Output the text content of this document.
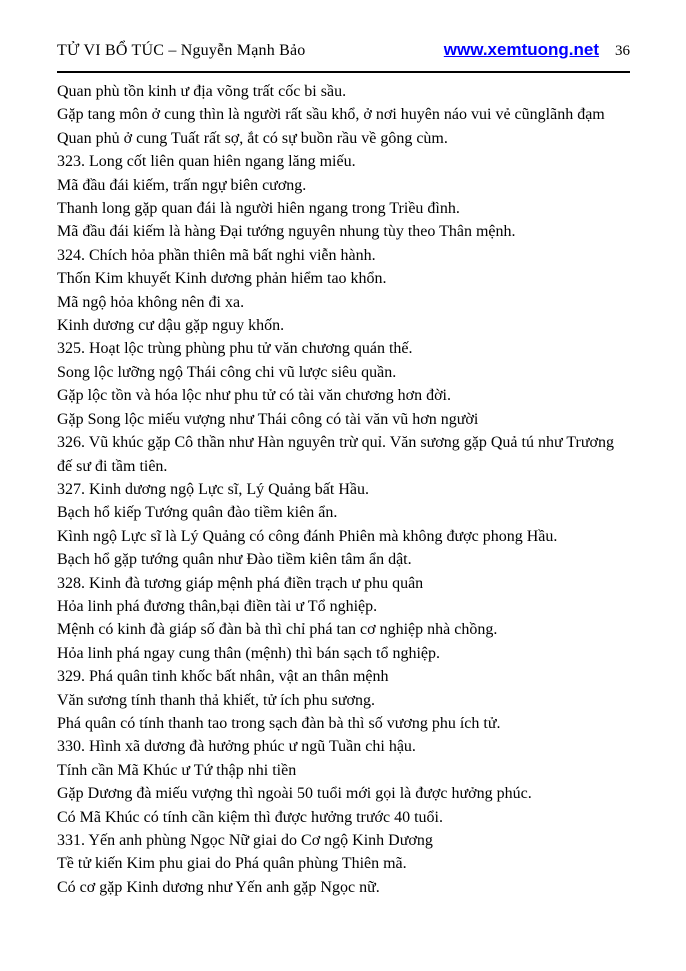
TỬ VI BỔ TÚC – Nguyễn Mạnh Bảo	www.xemtuong.net 36

Quan phù tồn kinh ư địa võng trất cốc bi sầu.

Gặp tang môn ở cung thìn là người rất sầu khổ, ở nơi huyên náo vui vẻ cũnglãnh đạm

Quan phủ ở cung Tuất rất sợ, ắt có sự buồn rầu về gông cùm.

323. Long cốt liên quan hiên ngang lăng miếu.

Mã đầu đái kiếm, trấn ngự biên cương.

Thanh long gặp quan đái là người hiên ngang trong Triều đình.

Mã đầu đái kiếm là hàng Đại tướng nguyên nhung tùy theo Thân mệnh.

324. Chích hỏa phần thiên mã bất nghi viễn hành.

Thốn Kim khuyết Kinh dương phản hiểm tao khổn.

Mã ngộ hỏa không nên đi xa.

Kinh dương cư dậu gặp nguy khốn.

325. Hoạt lộc trùng phùng phu tử văn chương quán thế.

Song lộc lưỡng ngộ Thái công chi vũ lược siêu quần.

Gặp lộc tồn và hóa lộc như phu tử có tài văn chương hơn đời.

Gặp Song lộc miếu vượng như Thái công có tài văn vũ hơn người

326. Vũ khúc gặp Cô thần như Hàn nguyên trừ quỉ. Văn sương gặp Quả tú như Trương đế sư đi tầm tiên.

327. Kinh dương ngộ Lực sĩ, Lý Quảng bất Hầu.

Bạch hổ kiếp Tướng quân đào tiềm kiên ẩn.

Kình ngộ Lực sĩ là Lý Quảng có công đánh Phiên mà không được phong Hầu.

Bạch hổ gặp tướng quân như Đào tiềm kiên tâm ẩn dật.

328. Kinh đà tương giáp mệnh phá điền trạch ư phu quân

Hỏa linh phá đương thân,bại điền tài ư Tổ nghiệp.

Mệnh có kinh đà giáp số đàn bà thì chỉ phá tan cơ nghiệp nhà chồng.

Hỏa linh phá ngay cung thân (mệnh) thì bán sạch tổ nghiệp.

329. Phá quân tinh khốc bất nhân, vật an thân mệnh

Văn sương tính thanh thả khiết, tử ích phu sương.

Phá quân có tính thanh tao trong sạch đàn bà thì số vương phu ích tử.

330. Hình xã dương đà hưởng phúc ư ngũ Tuần chi hậu.

Tính cần Mã Khúc ư Tứ thập nhi tiền

Gặp Dương đà miếu vượng thì ngoài 50 tuổi mới gọi là được hưởng phúc.

Có Mã Khúc có tính cần kiệm thì được hưởng trước 40 tuổi.

331. Yến anh phùng Ngọc Nữ giai do Cơ ngộ Kinh Dương

Tề tử kiến Kim phu giai do Phá quân phùng Thiên mã.

Có cơ gặp Kinh dương như Yến anh gặp Ngọc nữ.
